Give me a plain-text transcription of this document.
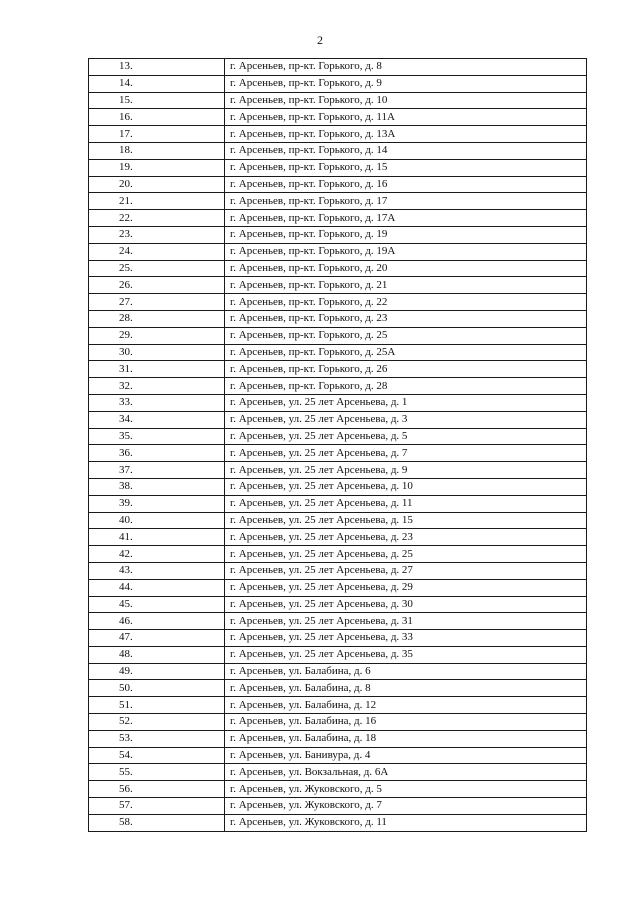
2
13.	г. Арсеньев, пр-кт. Горького, д. 8
14.	г. Арсеньев, пр-кт. Горького, д. 9
15.	г. Арсеньев, пр-кт. Горького, д. 10
16.	г. Арсеньев, пр-кт. Горького, д. 11А
17.	г. Арсеньев, пр-кт. Горького, д. 13А
18.	г. Арсеньев, пр-кт. Горького, д. 14
19.	г. Арсеньев, пр-кт. Горького, д. 15
20.	г. Арсеньев, пр-кт. Горького, д. 16
21.	г. Арсеньев, пр-кт. Горького, д. 17
22.	г. Арсеньев, пр-кт. Горького, д. 17А
23.	г. Арсеньев, пр-кт. Горького, д. 19
24.	г. Арсеньев, пр-кт. Горького, д. 19А
25.	г. Арсеньев, пр-кт. Горького, д. 20
26.	г. Арсеньев, пр-кт. Горького, д. 21
27.	г. Арсеньев, пр-кт. Горького, д. 22
28.	г. Арсеньев, пр-кт. Горького, д. 23
29.	г. Арсеньев, пр-кт. Горького, д. 25
30.	г. Арсеньев, пр-кт. Горького, д. 25А
31.	г. Арсеньев, пр-кт. Горького, д. 26
32.	г. Арсеньев, пр-кт. Горького, д. 28
33.	г. Арсеньев, ул. 25 лет Арсеньева, д. 1
34.	г. Арсеньев, ул. 25 лет Арсеньева, д. 3
35.	г. Арсеньев, ул. 25 лет Арсеньева, д. 5
36.	г. Арсеньев, ул. 25 лет Арсеньева, д. 7
37.	г. Арсеньев, ул. 25 лет Арсеньева, д. 9
38.	г. Арсеньев, ул. 25 лет Арсеньева, д. 10
39.	г. Арсеньев, ул. 25 лет Арсеньева, д. 11
40.	г. Арсеньев, ул. 25 лет Арсеньева, д. 15
41.	г. Арсеньев, ул. 25 лет Арсеньева, д. 23
42.	г. Арсеньев, ул. 25 лет Арсеньева, д. 25
43.	г. Арсеньев, ул. 25 лет Арсеньева, д. 27
44.	г. Арсеньев, ул. 25 лет Арсеньева, д. 29
45.	г. Арсеньев, ул. 25 лет Арсеньева, д. 30
46.	г. Арсеньев, ул. 25 лет Арсеньева, д. 31
47.	г. Арсеньев, ул. 25 лет Арсеньева, д. 33
48.	г. Арсеньев, ул. 25 лет Арсеньева, д. 35
49.	г. Арсеньев, ул. Балабина, д. 6
50.	г. Арсеньев, ул. Балабина, д. 8
51.	г. Арсеньев, ул. Балабина, д. 12
52.	г. Арсеньев, ул. Балабина, д. 16
53.	г. Арсеньев, ул. Балабина, д. 18
54.	г. Арсеньев, ул. Банивура, д. 4
55.	г. Арсеньев, ул. Вокзальная, д. 6А
56.	г. Арсеньев, ул. Жуковского, д. 5
57.	г. Арсеньев, ул. Жуковского, д. 7
58.	г. Арсеньев, ул. Жуковского, д. 11
